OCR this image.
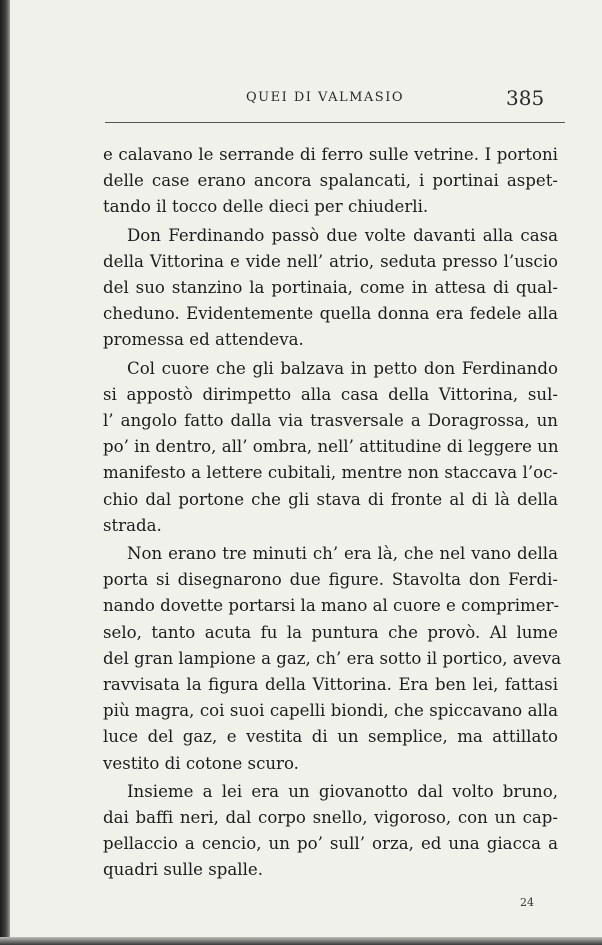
QUEI DI VALMASIO	385
e calavano le serrande di ferro sulle vetrine. I portoni
delle case erano ancora spalancati, i portinai aspet-
tando il tocco delle dieci per chiuderli.
Don Ferdinando passò due volte davanti alla casa
della Vittorina e vide nell’ atrio, seduta presso l’uscio
del suo stanzino la portinaia, come in attesa di qual-
cheduno. Evidentemente quella donna era fedele alla
promessa ed attendeva.
Col cuore che gli balzava in petto don Ferdinando
si appostò dirimpetto alla casa della Vittorina, sul-
l’ angolo fatto dalla via trasversale a Doragrossa, un
po’ in dentro, all’ ombra, nell’ attitudine di leggere un
manifesto a lettere cubitali, mentre non staccava l’oc-
chio dal portone che gli stava di fronte al di là della
strada.
Non erano tre minuti ch’ era là, che nel vano della
porta si disegnarono due figure. Stavolta don Ferdi-
nando dovette portarsi la mano al cuore e comprimer-
selo, tanto acuta fu la puntura che provò. Al lume
del gran lampione a gaz, ch’ era sotto il portico, aveva
ravvisata la figura della Vittorina. Era ben lei, fattasi
più magra, coi suoi capelli biondi, che spiccavano alla
luce del gaz, e vestita di un semplice, ma attillato
vestito di cotone scuro.
Insieme a lei era un giovanotto dal volto bruno,
dai baffi neri, dal corpo snello, vigoroso, con un cap-
pellaccio a cencio, un po’ sull’ orza, ed una giacca a
quadri sulle spalle.
24
